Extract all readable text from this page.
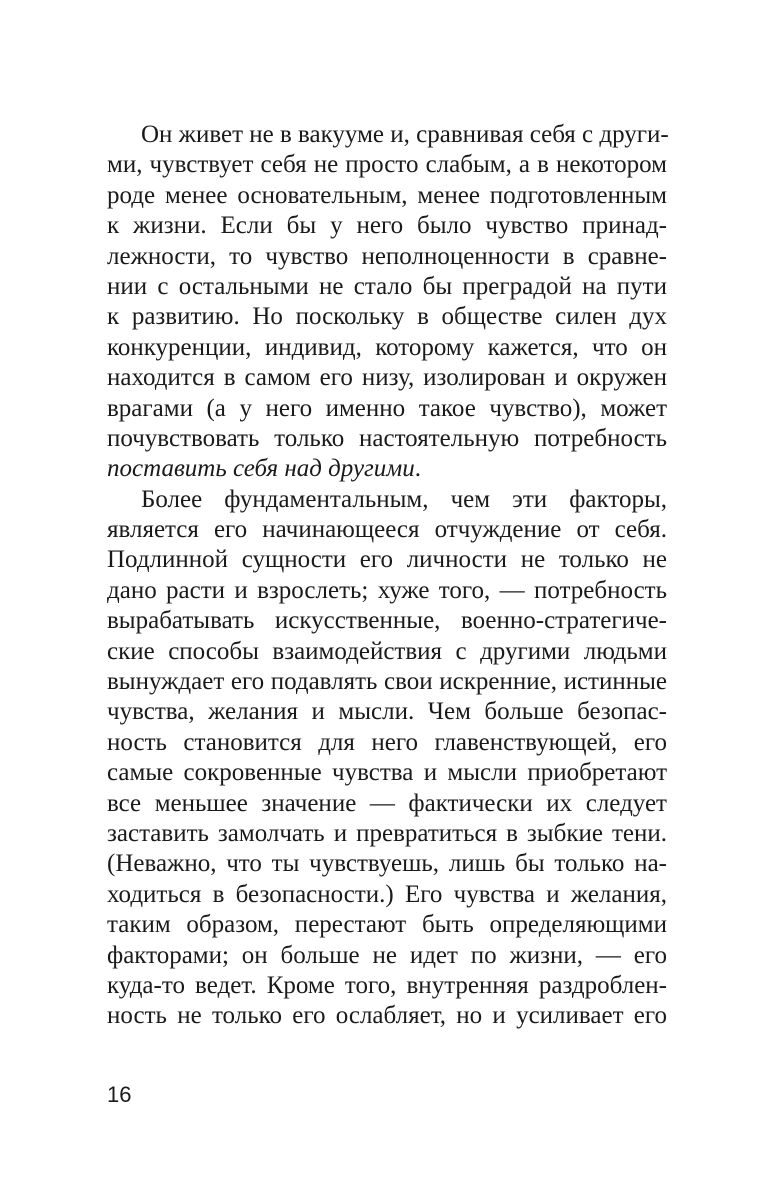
Он живет не в вакууме и, сравнивая себя с други-
ми, чувствует себя не просто слабым, а в некотором
роде менее основательным, менее подготовленным
к жизни. Если бы у него было чувство принад-
лежности, то чувство неполноценности в сравне-
нии с остальными не стало бы преградой на пути
к развитию. Но поскольку в обществе силен дух
конкуренции, индивид, которому кажется, что он
находится в самом его низу, изолирован и окружен
врагами (а у него именно такое чувство), может
почувствовать только настоятельную потребность
поставить себя над другими.
Более фундаментальным, чем эти факторы,
является его начинающееся отчуждение от себя.
Подлинной сущности его личности не только не
дано расти и взрослеть; хуже того, — потребность
вырабатывать искусственные, военно-стратегиче-
ские способы взаимодействия с другими людьми
вынуждает его подавлять свои искренние, истинные
чувства, желания и мысли. Чем больше безопас-
ность становится для него главенствующей, его
самые сокровенные чувства и мысли приобретают
все меньшее значение — фактически их следует
заставить замолчать и превратиться в зыбкие тени.
(Неважно, что ты чувствуешь, лишь бы только на-
ходиться в безопасности.) Его чувства и желания,
таким образом, перестают быть определяющими
факторами; он больше не идет по жизни, — его
куда-то ведет. Кроме того, внутренняя раздроблен-
ность не только его ослабляет, но и усиливает его
16
